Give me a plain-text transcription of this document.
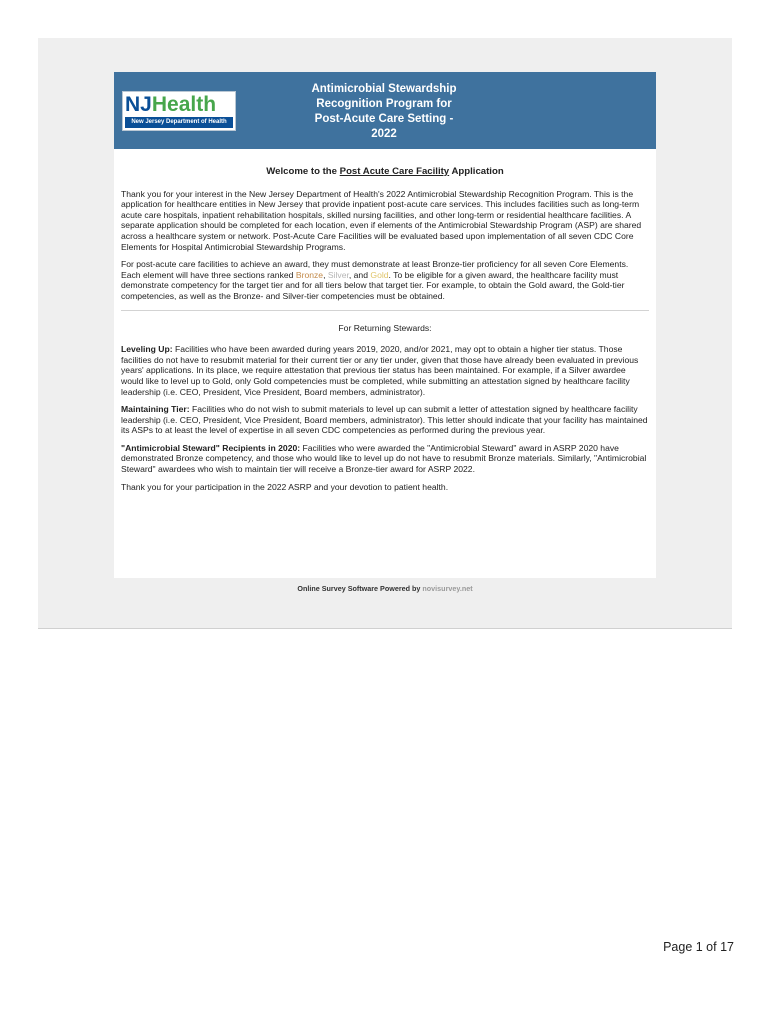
NJHealth
New Jersey Department of Health
Antimicrobial Stewardship
Recognition Program for
Post-Acute Care Setting -
2022
Welcome to the Post Acute Care Facility Application

Thank you for your interest in the New Jersey Department of Health's 2022 Antimicrobial Stewardship Recognition Program. This is the application for healthcare entities in New Jersey that provide inpatient post-acute care services. This includes facilities such as long-term acute care hospitals, inpatient rehabilitation hospitals, skilled nursing facilities, and other long-term or residential healthcare facilities. A separate application should be completed for each location, even if elements of the Antimicrobial Stewardship Program (ASP) are shared across a healthcare system or network. Post-Acute Care Facilities will be evaluated based upon implementation of all seven CDC Core Elements for Hospital Antimicrobial Stewardship Programs.

For post-acute care facilities to achieve an award, they must demonstrate at least Bronze-tier proficiency for all seven Core Elements. Each element will have three sections ranked Bronze, Silver, and Gold. To be eligible for a given award, the healthcare facility must demonstrate competency for the target tier and for all tiers below that target tier. For example, to obtain the Gold award, the Gold-tier competencies, as well as the Bronze- and Silver-tier competencies must be obtained.

For Returning Stewards:

Leveling Up: Facilities who have been awarded during years 2019, 2020, and/or 2021, may opt to obtain a higher tier status. Those facilities do not have to resubmit material for their current tier or any tier under, given that those have already been evaluated in previous years' applications. In its place, we require attestation that previous tier status has been maintained. For example, if a Silver awardee would like to level up to Gold, only Gold competencies must be completed, while submitting an attestation signed by healthcare facility leadership (i.e. CEO, President, Vice President, Board members, administrator).

Maintaining Tier: Facilities who do not wish to submit materials to level up can submit a letter of attestation signed by healthcare facility leadership (i.e. CEO, President, Vice President, Board members, administrator). This letter should indicate that your facility has maintained its ASPs to at least the level of expertise in all seven CDC competencies as performed during the previous year.

"Antimicrobial Steward" Recipients in 2020: Facilities who were awarded the "Antimicrobial Steward" award in ASRP 2020 have demonstrated Bronze competency, and those who would like to level up do not have to resubmit Bronze materials. Similarly, "Antimicrobial Steward" awardees who wish to maintain tier will receive a Bronze-tier award for ASRP 2022.

Thank you for your participation in the 2022 ASRP and your devotion to patient health.

Online Survey Software Powered by novisurvey.net
Page 1 of 17
